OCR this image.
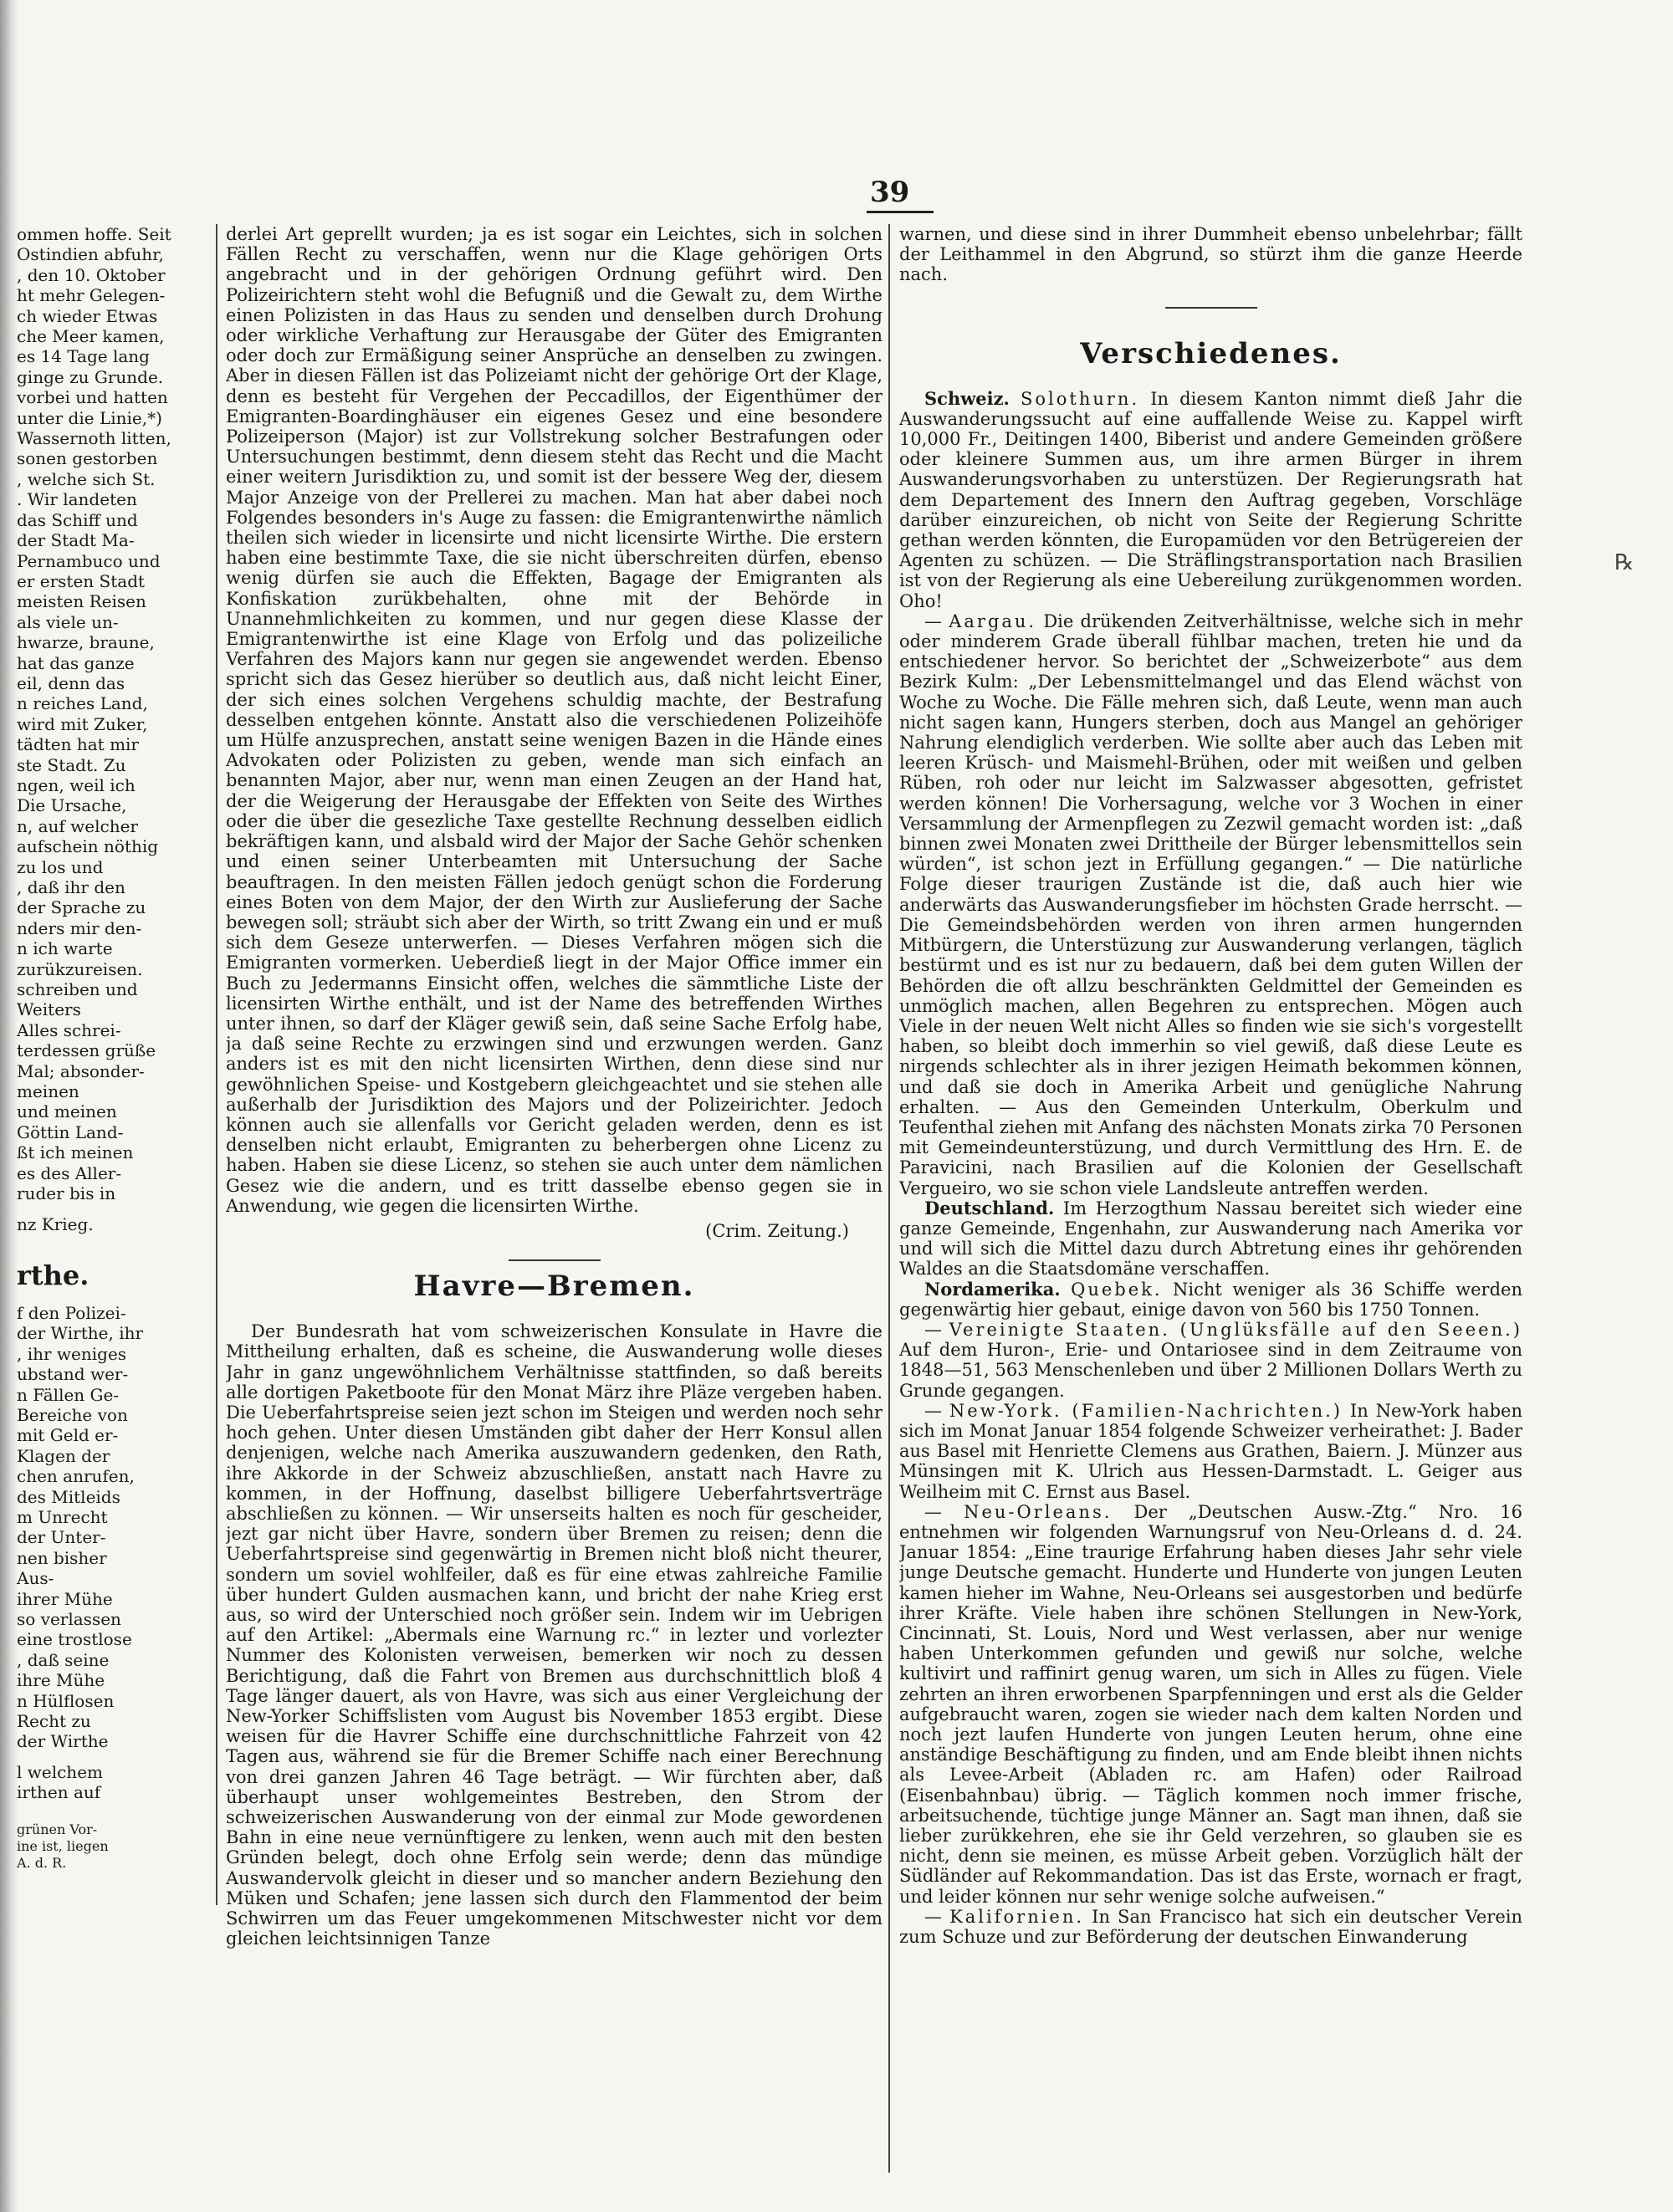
39
℞
ommen hoffe. Seit
Ostindien abfuhr,
, den 10. Oktober
ht mehr Gelegen-
ch wieder Etwas
che Meer kamen,
es 14 Tage lang
ginge zu Grunde.
vorbei und hatten
unter die Linie,*)
Wassernoth litten,
sonen gestorben
, welche sich St.
. Wir landeten
das Schiff und
der Stadt Ma-
Pernambuco und
er ersten Stadt
meisten Reisen
als viele un-
hwarze, braune,
hat das ganze
eil, denn das
n reiches Land,
wird mit Zuker,
tädten hat mir
ste Stadt. Zu
ngen, weil ich
Die Ursache,
n, auf welcher
aufschein nöthig
zu los und
, daß ihr den
der Sprache zu
nders mir den-
n ich warte
zurükzureisen.
schreiben und
Weiters
Alles schrei-
terdessen grüße
Mal; absonder-
meinen
und meinen
Göttin Land-
ßt ich meinen
es des Aller-
ruder bis in
nz Krieg.
rthe.
f den Polizei-
der Wirthe, ihr
, ihr weniges
ubstand wer-
n Fällen Ge-
Bereiche von
mit Geld er-
Klagen der
chen anrufen,
des Mitleids
m Unrecht
der Unter-
nen bisher
Aus-
ihrer Mühe
so verlassen
eine trostlose
, daß seine
ihre Mühe
n Hülflosen
Recht zu
der Wirthe
l welchem
irthen auf
grünen Vor-
ine ist, liegen
A. d. R.

derlei Art geprellt wurden; ja es ist sogar ein Leichtes, sich in solchen Fällen Recht zu verschaffen, wenn nur die Klage gehörigen Orts angebracht und in der gehörigen Ordnung geführt wird. Den Polizeirichtern steht wohl die Befugniß und die Gewalt zu, dem Wirthe einen Polizisten in das Haus zu senden und denselben durch Drohung oder wirkliche Verhaftung zur Herausgabe der Güter des Emigranten oder doch zur Ermäßigung seiner Ansprüche an denselben zu zwingen. Aber in diesen Fällen ist das Polizeiamt nicht der gehörige Ort der Klage, denn es besteht für Vergehen der Peccadillos, der Eigenthümer der Emigranten-Boardinghäuser ein eigenes Gesez und eine besondere Polizeiperson (Major) ist zur Vollstrekung solcher Bestrafungen oder Untersuchungen bestimmt, denn diesem steht das Recht und die Macht einer weitern Jurisdiktion zu, und somit ist der bessere Weg der, diesem Major Anzeige von der Prellerei zu machen. Man hat aber dabei noch Folgendes besonders in's Auge zu fassen: die Emigrantenwirthe nämlich theilen sich wieder in licensirte und nicht licensirte Wirthe. Die erstern haben eine bestimmte Taxe, die sie nicht überschreiten dürfen, ebenso wenig dürfen sie auch die Effekten, Bagage der Emigranten als Konfiskation zurükbehalten, ohne mit der Behörde in Unannehmlichkeiten zu kommen, und nur gegen diese Klasse der Emigrantenwirthe ist eine Klage von Erfolg und das polizeiliche Verfahren des Majors kann nur gegen sie angewendet werden. Ebenso spricht sich das Gesez hierüber so deutlich aus, daß nicht leicht Einer, der sich eines solchen Vergehens schuldig machte, der Bestrafung desselben entgehen könnte. Anstatt also die verschiedenen Polizeihöfe um Hülfe anzusprechen, anstatt seine wenigen Bazen in die Hände eines Advokaten oder Polizisten zu geben, wende man sich einfach an benannten Major, aber nur, wenn man einen Zeugen an der Hand hat, der die Weigerung der Herausgabe der Effekten von Seite des Wirthes oder die über die gesezliche Taxe gestellte Rechnung desselben eidlich bekräftigen kann, und alsbald wird der Major der Sache Gehör schenken und einen seiner Unterbeamten mit Untersuchung der Sache beauftragen. In den meisten Fällen jedoch genügt schon die Forderung eines Boten von dem Major, der den Wirth zur Auslieferung der Sache bewegen soll; sträubt sich aber der Wirth, so tritt Zwang ein und er muß sich dem Geseze unterwerfen. — Dieses Verfahren mögen sich die Emigranten vormerken. Ueberdieß liegt in der Major Office immer ein Buch zu Jedermanns Einsicht offen, welches die sämmtliche Liste der licensirten Wirthe enthält, und ist der Name des betreffenden Wirthes unter ihnen, so darf der Kläger gewiß sein, daß seine Sache Erfolg habe, ja daß seine Rechte zu erzwingen sind und erzwungen werden. Ganz anders ist es mit den nicht licensirten Wirthen, denn diese sind nur gewöhnlichen Speise- und Kostgebern gleichgeachtet und sie stehen alle außerhalb der Jurisdiktion des Majors und der Polizeirichter. Jedoch können auch sie allenfalls vor Gericht geladen werden, denn es ist denselben nicht erlaubt, Emigranten zu beherbergen ohne Licenz zu haben. Haben sie diese Licenz, so stehen sie auch unter dem nämlichen Gesez wie die andern, und es tritt dasselbe ebenso gegen sie in Anwendung, wie gegen die licensirten Wirthe.

(Crim. Zeitung.)
Havre—Bremen.

Der Bundesrath hat vom schweizerischen Konsulate in Havre die Mittheilung erhalten, daß es scheine, die Auswanderung wolle dieses Jahr in ganz ungewöhnlichem Verhältnisse stattfinden, so daß bereits alle dortigen Paketboote für den Monat März ihre Pläze vergeben haben. Die Ueberfahrtspreise seien jezt schon im Steigen und werden noch sehr hoch gehen. Unter diesen Umständen gibt daher der Herr Konsul allen denjenigen, welche nach Amerika auszuwandern gedenken, den Rath, ihre Akkorde in der Schweiz abzuschließen, anstatt nach Havre zu kommen, in der Hoffnung, daselbst billigere Ueberfahrtsverträge abschließen zu können. — Wir unserseits halten es noch für gescheider, jezt gar nicht über Havre, sondern über Bremen zu reisen; denn die Ueberfahrtspreise sind gegenwärtig in Bremen nicht bloß nicht theurer, sondern um soviel wohlfeiler, daß es für eine etwas zahlreiche Familie über hundert Gulden ausmachen kann, und bricht der nahe Krieg erst aus, so wird der Unterschied noch größer sein. Indem wir im Uebrigen auf den Artikel: „Abermals eine Warnung rc.“ in lezter und vorlezter Nummer des Kolonisten verweisen, bemerken wir noch zu dessen Berichtigung, daß die Fahrt von Bremen aus durchschnittlich bloß 4 Tage länger dauert, als von Havre, was sich aus einer Vergleichung der New-Yorker Schiffslisten vom August bis November 1853 ergibt. Diese weisen für die Havrer Schiffe eine durchschnittliche Fahrzeit von 42 Tagen aus, während sie für die Bremer Schiffe nach einer Berechnung von drei ganzen Jahren 46 Tage beträgt. — Wir fürchten aber, daß überhaupt unser wohlgemeintes Bestreben, den Strom der schweizerischen Auswanderung von der einmal zur Mode gewordenen Bahn in eine neue vernünftigere zu lenken, wenn auch mit den besten Gründen belegt, doch ohne Erfolg sein werde; denn das mündige Auswandervolk gleicht in dieser und so mancher andern Beziehung den Müken und Schafen; jene lassen sich durch den Flammentod der beim Schwirren um das Feuer umgekommenen Mitschwester nicht vor dem gleichen leichtsinnigen Tanze

warnen, und diese sind in ihrer Dummheit ebenso unbelehrbar; fällt der Leithammel in den Abgrund, so stürzt ihm die ganze Heerde nach.

Verschiedenes.

Schweiz. Solothurn. In diesem Kanton nimmt dieß Jahr die Auswanderungssucht auf eine auffallende Weise zu. Kappel wirft 10,000 Fr., Deitingen 1400, Biberist und andere Gemeinden größere oder kleinere Summen aus, um ihre armen Bürger in ihrem Auswanderungsvorhaben zu unterstüzen. Der Regierungsrath hat dem Departement des Innern den Auftrag gegeben, Vorschläge darüber einzureichen, ob nicht von Seite der Regierung Schritte gethan werden könnten, die Europamüden vor den Betrügereien der Agenten zu schüzen. — Die Sträflingstransportation nach Brasilien ist von der Regierung als eine Uebereilung zurükgenommen worden. Oho!

— Aargau. Die drükenden Zeitverhältnisse, welche sich in mehr oder minderem Grade überall fühlbar machen, treten hie und da entschiedener hervor. So berichtet der „Schweizerbote“ aus dem Bezirk Kulm: „Der Lebensmittelmangel und das Elend wächst von Woche zu Woche. Die Fälle mehren sich, daß Leute, wenn man auch nicht sagen kann, Hungers sterben, doch aus Mangel an gehöriger Nahrung elendiglich verderben. Wie sollte aber auch das Leben mit leeren Krüsch- und Maismehl-Brühen, oder mit weißen und gelben Rüben, roh oder nur leicht im Salzwasser abgesotten, gefristet werden können! Die Vorhersagung, welche vor 3 Wochen in einer Versammlung der Armenpflegen zu Zezwil gemacht worden ist: „daß binnen zwei Monaten zwei Drittheile der Bürger lebensmittellos sein würden“, ist schon jezt in Erfüllung gegangen.“ — Die natürliche Folge dieser traurigen Zustände ist die, daß auch hier wie anderwärts das Auswanderungsfieber im höchsten Grade herrscht. — Die Gemeindsbehörden werden von ihren armen hungernden Mitbürgern, die Unterstüzung zur Auswanderung verlangen, täglich bestürmt und es ist nur zu bedauern, daß bei dem guten Willen der Behörden die oft allzu beschränkten Geldmittel der Gemeinden es unmöglich machen, allen Begehren zu entsprechen. Mögen auch Viele in der neuen Welt nicht Alles so finden wie sie sich's vorgestellt haben, so bleibt doch immerhin so viel gewiß, daß diese Leute es nirgends schlechter als in ihrer jezigen Heimath bekommen können, und daß sie doch in Amerika Arbeit und genügliche Nahrung erhalten. — Aus den Gemeinden Unterkulm, Oberkulm und Teufenthal ziehen mit Anfang des nächsten Monats zirka 70 Personen mit Gemeindeunterstüzung, und durch Vermittlung des Hrn. E. de Paravicini, nach Brasilien auf die Kolonien der Gesellschaft Vergueiro, wo sie schon viele Landsleute antreffen werden.

Deutschland. Im Herzogthum Nassau bereitet sich wieder eine ganze Gemeinde, Engenhahn, zur Auswanderung nach Amerika vor und will sich die Mittel dazu durch Abtretung eines ihr gehörenden Waldes an die Staatsdomäne verschaffen.

Nordamerika. Quebek. Nicht weniger als 36 Schiffe werden gegenwärtig hier gebaut, einige davon von 560 bis 1750 Tonnen.

— Vereinigte Staaten. (Unglüksfälle auf den Seeen.) Auf dem Huron-, Erie- und Ontariosee sind in dem Zeitraume von 1848—51, 563 Menschenleben und über 2 Millionen Dollars Werth zu Grunde gegangen.

— New-York. (Familien-Nachrichten.) In New-York haben sich im Monat Januar 1854 folgende Schweizer verheirathet: J. Bader aus Basel mit Henriette Clemens aus Grathen, Baiern. J. Münzer aus Münsingen mit K. Ulrich aus Hessen-Darmstadt. L. Geiger aus Weilheim mit C. Ernst aus Basel.

— Neu-Orleans. Der „Deutschen Ausw.-Ztg.“ Nro. 16 entnehmen wir folgenden Warnungsruf von Neu-Orleans d. d. 24. Januar 1854: „Eine traurige Erfahrung haben dieses Jahr sehr viele junge Deutsche gemacht. Hunderte und Hunderte von jungen Leuten kamen hieher im Wahne, Neu-Orleans sei ausgestorben und bedürfe ihrer Kräfte. Viele haben ihre schönen Stellungen in New-York, Cincinnati, St. Louis, Nord und West verlassen, aber nur wenige haben Unterkommen gefunden und gewiß nur solche, welche kultivirt und raffinirt genug waren, um sich in Alles zu fügen. Viele zehrten an ihren erworbenen Sparpfenningen und erst als die Gelder aufgebraucht waren, zogen sie wieder nach dem kalten Norden und noch jezt laufen Hunderte von jungen Leuten herum, ohne eine anständige Beschäftigung zu finden, und am Ende bleibt ihnen nichts als Levee-Arbeit (Abladen rc. am Hafen) oder Railroad (Eisenbahnbau) übrig. — Täglich kommen noch immer frische, arbeitsuchende, tüchtige junge Männer an. Sagt man ihnen, daß sie lieber zurükkehren, ehe sie ihr Geld verzehren, so glauben sie es nicht, denn sie meinen, es müsse Arbeit geben. Vorzüglich hält der Südländer auf Rekommandation. Das ist das Erste, wornach er fragt, und leider können nur sehr wenige solche aufweisen.“

— Kalifornien. In San Francisco hat sich ein deutscher Verein zum Schuze und zur Beförderung der deutschen Einwanderung
